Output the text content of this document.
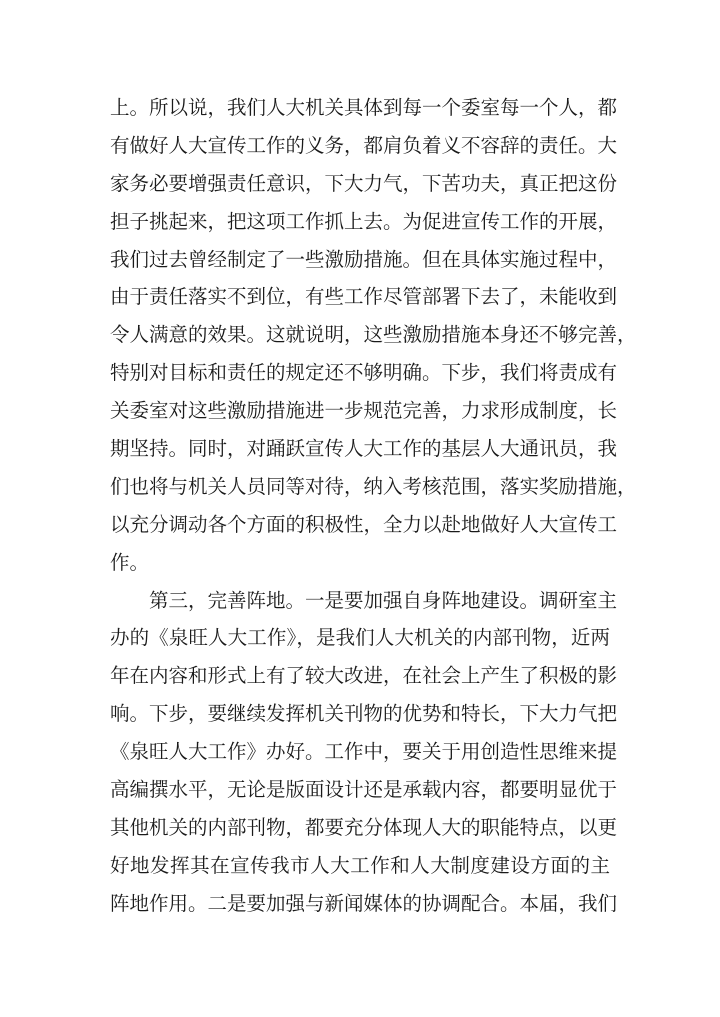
上。所以说，我们人大机关具体到每一个委室每一个人，都
有做好人大宣传工作的义务，都肩负着义不容辞的责任。大
家务必要增强责任意识，下大力气，下苦功夫，真正把这份
担子挑起来，把这项工作抓上去。为促进宣传工作的开展，
我们过去曾经制定了一些激励措施。但在具体实施过程中，
由于责任落实不到位，有些工作尽管部署下去了，未能收到
令人满意的效果。这就说明，这些激励措施本身还不够完善，
特别对目标和责任的规定还不够明确。下步，我们将责成有
关委室对这些激励措施进一步规范完善，力求形成制度，长
期坚持。同时，对踊跃宣传人大工作的基层人大通讯员，我
们也将与机关人员同等对待，纳入考核范围，落实奖励措施，
以充分调动各个方面的积极性，全力以赴地做好人大宣传工
作。
第三，完善阵地。一是要加强自身阵地建设。调研室主
办的《泉旺人大工作》，是我们人大机关的内部刊物，近两
年在内容和形式上有了较大改进，在社会上产生了积极的影
响。下步，要继续发挥机关刊物的优势和特长，下大力气把
《泉旺人大工作》办好。工作中，要关于用创造性思维来提
高编撰水平，无论是版面设计还是承载内容，都要明显优于
其他机关的内部刊物，都要充分体现人大的职能特点，以更
好地发挥其在宣传我市人大工作和人大制度建设方面的主
阵地作用。二是要加强与新闻媒体的协调配合。本届，我们
